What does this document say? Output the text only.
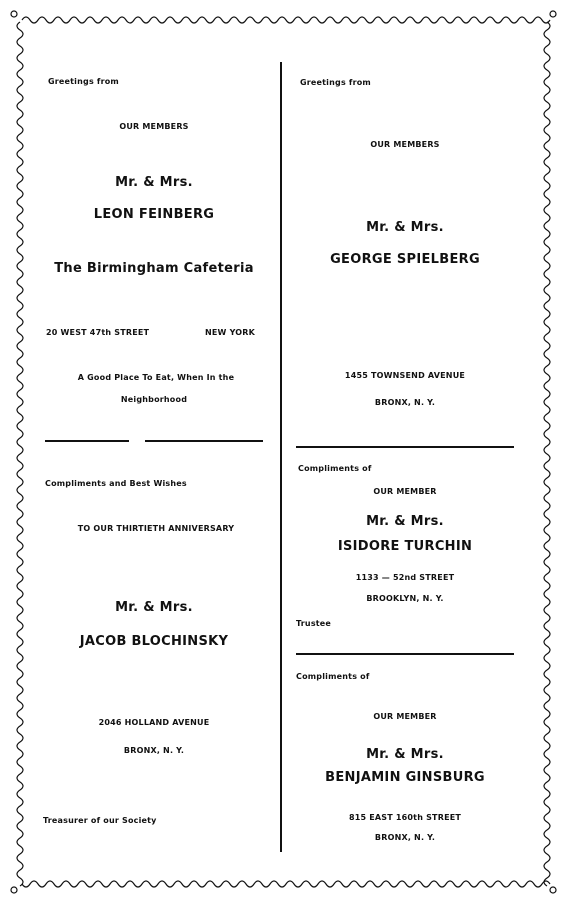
Greetings from
OUR MEMBERS
Mr. & Mrs.
LEON FEINBERG
The Birmingham Cafeteria
20 WEST 47th STREET	NEW YORK
A Good Place To Eat, When In the
Neighborhood
Compliments and Best Wishes
TO OUR THIRTIETH ANNIVERSARY
Mr. & Mrs.
JACOB BLOCHINSKY
2046 HOLLAND AVENUE
BRONX, N. Y.
Treasurer of our Society
Greetings from
OUR MEMBERS
Mr. & Mrs.
GEORGE SPIELBERG
1455 TOWNSEND AVENUE
BRONX, N. Y.
Compliments of
OUR MEMBER
Mr. & Mrs.
ISIDORE TURCHIN
1133 — 52nd STREET
BROOKLYN, N. Y.
Trustee
Compliments of
OUR MEMBER
Mr. & Mrs.
BENJAMIN GINSBURG
815 EAST 160th STREET
BRONX, N. Y.
